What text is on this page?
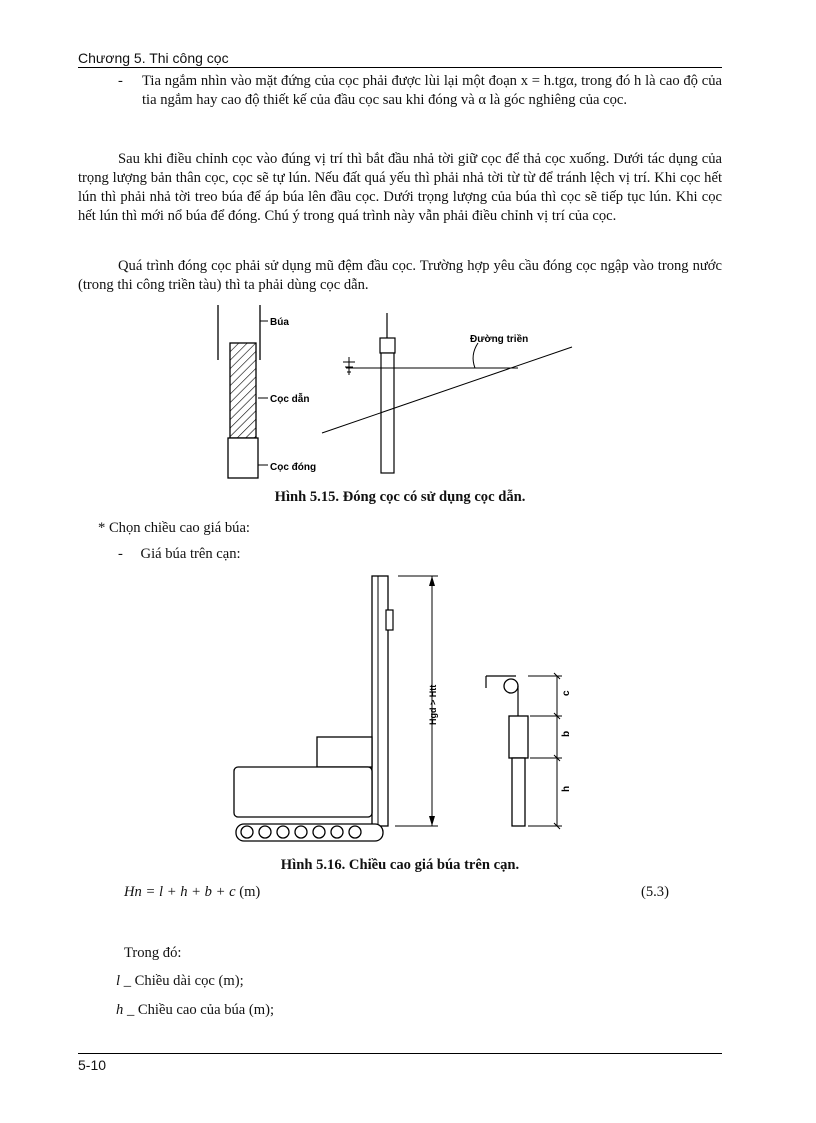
Chương 5. Thi công cọc
-	Tia ngắm nhìn vào mặt đứng của cọc phải được lùi lại một đoạn x = h.tgα, trong đó h là cao độ của tia ngắm hay cao độ thiết kế của đầu cọc sau khi đóng và α là góc nghiêng của cọc.
Sau khi điều chỉnh cọc vào đúng vị trí thì bắt đầu nhả tời giữ cọc để thả cọc xuống. Dưới tác dụng của trọng lượng bản thân cọc, cọc sẽ tự lún. Nếu đất quá yếu thì phải nhả tời từ từ để tránh lệch vị trí. Khi cọc hết lún thì phải nhả tời treo búa để áp búa lên đầu cọc. Dưới trọng lượng của búa thì cọc sẽ tiếp tục lún. Khi cọc hết lún thì mới nổ búa để đóng. Chú ý trong quá trình này vẫn phải điều chỉnh vị trí của cọc.
Quá trình đóng cọc phải sử dụng mũ đệm đầu cọc. Trường hợp yêu cầu đóng cọc ngập vào trong nước (trong thi công triền tàu) thì ta phải dùng cọc dẫn.
Búa
Cọc dẫn
Cọc đóng
Đường triền
Hình 5.15. Đóng cọc có sử dụng cọc dẫn.
* Chọn chiều cao giá búa:
- Giá búa trên cạn:
Hgd > Htt	c
b
h
Hình 5.16. Chiều cao giá búa trên cạn.
Hn = l + h + b + c (m)	(5.3)
Trong đó:
l _ Chiều dài cọc (m);
h _ Chiều cao của búa (m);
5-10
